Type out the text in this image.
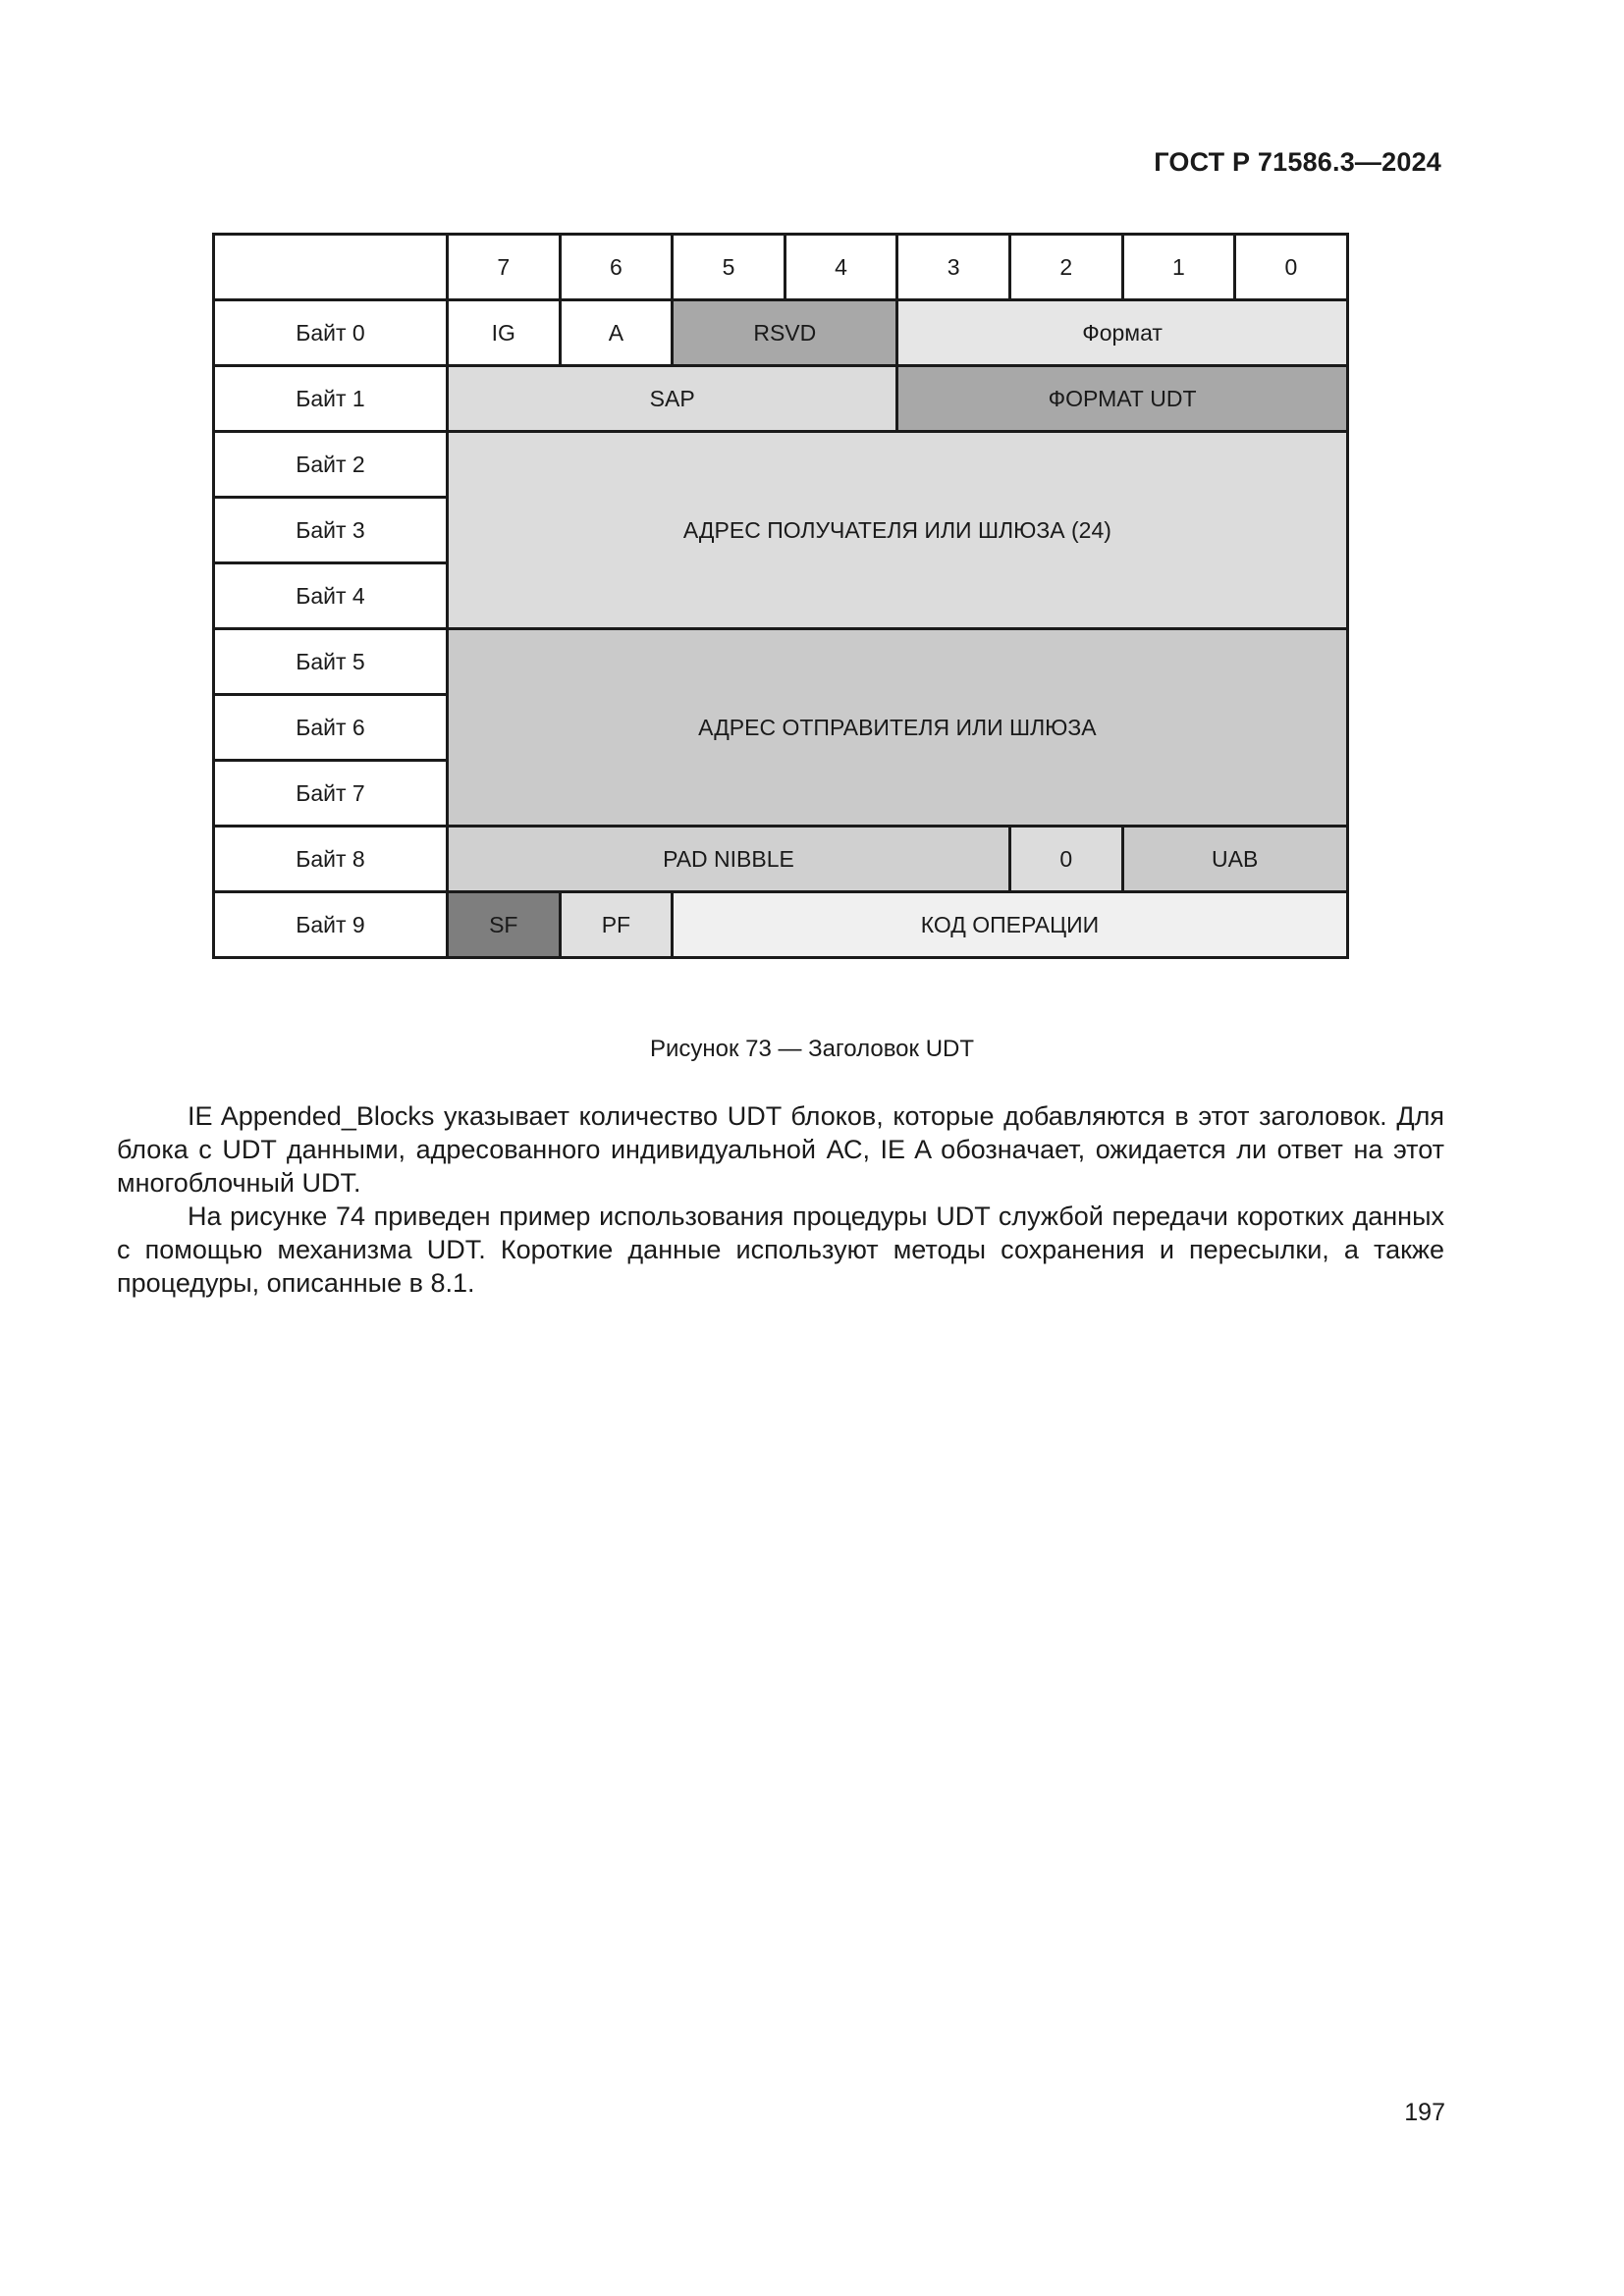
ГОСТ Р 71586.3—2024
	7	6	5	4	3	2	1	0
Байт 0	IG	A	RSVD		Формат			
Байт 1	SAP				ФОРМАТ UDT			
Байт 2	АДРЕС ПОЛУЧАТЕЛЯ ИЛИ ШЛЮЗА (24)							
Байт 3								
Байт 4								
Байт 5	АДРЕС ОТПРАВИТЕЛЯ ИЛИ ШЛЮЗА							
Байт 6								
Байт 7								
Байт 8	PAD NIBBLE					0	UAB	
Байт 9	SF	PF	КОД ОПЕРАЦИИ					
Рисунок 73 — Заголовок UDT

IE Appended_Blocks указывает количество UDT блоков, которые добавляются в этот заголовок. Для блока с UDT данными, адресованного индивидуальной АС, IE A обозначает, ожидается ли ответ на этот многоблочный UDT.

На рисунке 74 приведен пример использования процедуры UDT службой передачи коротких данных с помощью механизма UDT. Короткие данные используют методы сохранения и пересылки, а также процедуры, описанные в 8.1.

197
